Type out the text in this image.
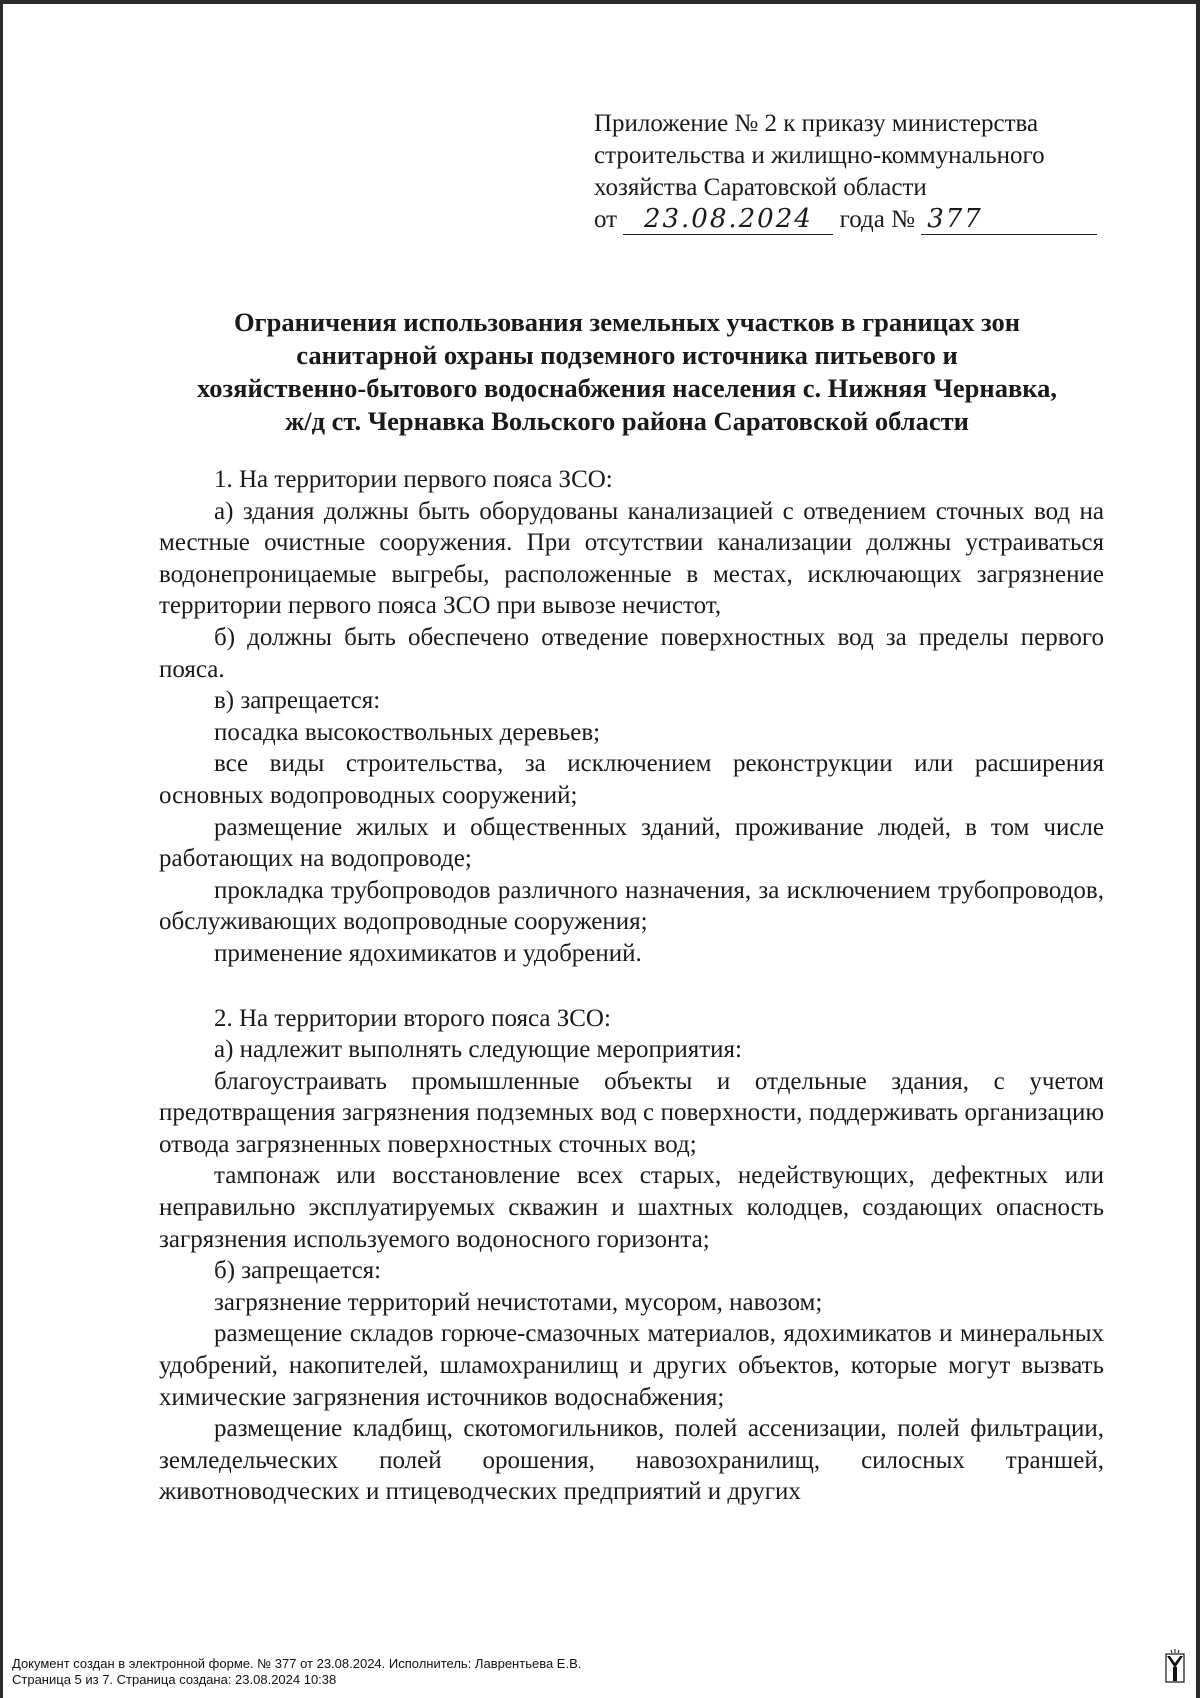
Приложение № 2 к приказу министерства
строительства и жилищно-коммунального
хозяйства Саратовской области
от 23.08.2024 года № 377
Ограничения использования земельных участков в границах зон
санитарной охраны подземного источника питьевого и
хозяйственно-бытового водоснабжения населения с. Нижняя Чернавка,
ж/д ст. Чернавка Вольского района Саратовской области

1. На территории первого пояса ЗСО:

а) здания должны быть оборудованы канализацией с отведением сточных вод на местные очистные сооружения. При отсутствии канализации должны устраиваться водонепроницаемые выгребы, расположенные в местах, исключающих загрязнение территории первого пояса ЗСО при вывозе нечистот,

б) должны быть обеспечено отведение поверхностных вод за пределы первого пояса.

в) запрещается:

посадка высокоствольных деревьев;

все виды строительства, за исключением реконструкции или расширения основных водопроводных сооружений;

размещение жилых и общественных зданий, проживание людей, в том числе работающих на водопроводе;

прокладка трубопроводов различного назначения, за исключением трубопроводов, обслуживающих водопроводные сооружения;

применение ядохимикатов и удобрений.

2. На территории второго пояса ЗСО:

а) надлежит выполнять следующие мероприятия:

благоустраивать промышленные объекты и отдельные здания, с учетом предотвращения загрязнения подземных вод с поверхности, поддерживать организацию отвода загрязненных поверхностных сточных вод;

тампонаж или восстановление всех старых, недействующих, дефектных или неправильно эксплуатируемых скважин и шахтных колодцев, создающих опасность загрязнения используемого водоносного горизонта;

б) запрещается:

загрязнение территорий нечистотами, мусором, навозом;

размещение складов горюче-смазочных материалов, ядохимикатов и минеральных удобрений, накопителей, шламохранилищ и других объектов, которые могут вызвать химические загрязнения источников водоснабжения;

размещение кладбищ, скотомогильников, полей ассенизации, полей фильтрации, земледельческих полей орошения, навозохранилищ, силосных траншей, животноводческих и птицеводческих предприятий и других

Документ создан в электронной форме. № 377 от 23.08.2024. Исполнитель: Лаврентьева Е.В.
Страница 5 из 7. Страница создана: 23.08.2024 10:38
